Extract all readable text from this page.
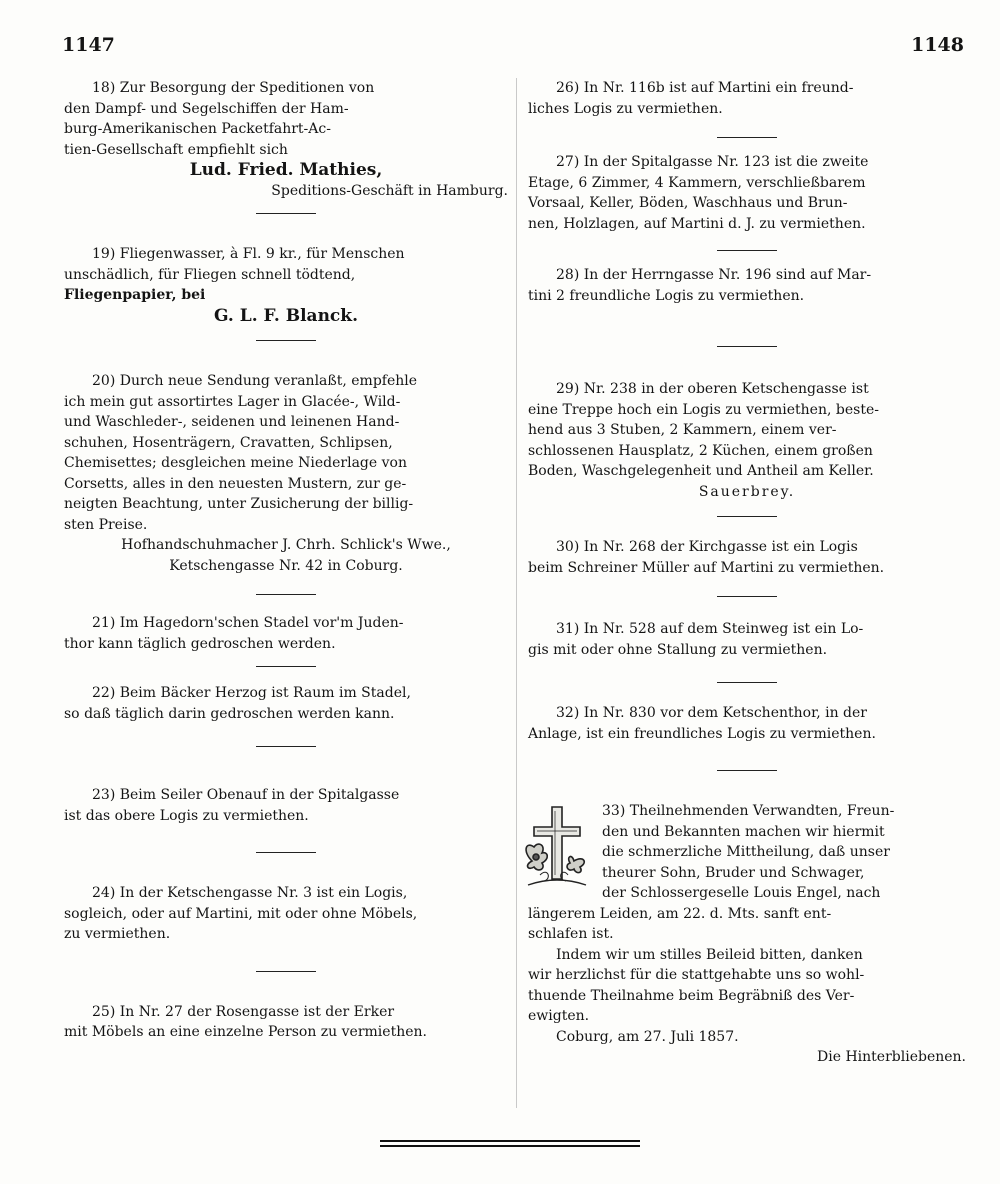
1147	1148

18) Zur Besorgung der Speditionen von

den Dampf- und Segelschiffen der Ham-

burg-Amerikanischen Packetfahrt-Ac-

tien-Gesellschaft empfiehlt sich

Lud. Fried. Mathies,

Speditions-Geschäft in Hamburg.

19) Fliegenwasser, à Fl. 9 kr., für Menschen

unschädlich, für Fliegen schnell tödtend,

Fliegenpapier, bei

G. L. F. Blanck.

20) Durch neue Sendung veranlaßt, empfehle

ich mein gut assortirtes Lager in Glacée-, Wild-

und Waschleder-, seidenen und leinenen Hand-

schuhen, Hosenträgern, Cravatten, Schlipsen,

Chemisettes; desgleichen meine Niederlage von

Corsetts, alles in den neuesten Mustern, zur ge-

neigten Beachtung, unter Zusicherung der billig-

sten Preise.

Hofhandschuhmacher J. Chrh. Schlick's Wwe.,

Ketschengasse Nr. 42 in Coburg.

21) Im Hagedorn'schen Stadel vor'm Juden-

thor kann täglich gedroschen werden.

22) Beim Bäcker Herzog ist Raum im Stadel,

so daß täglich darin gedroschen werden kann.

23) Beim Seiler Obenauf in der Spitalgasse

ist das obere Logis zu vermiethen.

24) In der Ketschengasse Nr. 3 ist ein Logis,

sogleich, oder auf Martini, mit oder ohne Möbels,

zu vermiethen.

25) In Nr. 27 der Rosengasse ist der Erker

mit Möbels an eine einzelne Person zu vermiethen.

26) In Nr. 116b ist auf Martini ein freund-

liches Logis zu vermiethen.

27) In der Spitalgasse Nr. 123 ist die zweite

Etage, 6 Zimmer, 4 Kammern, verschließbarem

Vorsaal, Keller, Böden, Waschhaus und Brun-

nen, Holzlagen, auf Martini d. J. zu vermiethen.

28) In der Herrngasse Nr. 196 sind auf Mar-

tini 2 freundliche Logis zu vermiethen.

29) Nr. 238 in der oberen Ketschengasse ist

eine Treppe hoch ein Logis zu vermiethen, beste-

hend aus 3 Stuben, 2 Kammern, einem ver-

schlossenen Hausplatz, 2 Küchen, einem großen

Boden, Waschgelegenheit und Antheil am Keller.

Sauerbrey.

30) In Nr. 268 der Kirchgasse ist ein Logis

beim Schreiner Müller auf Martini zu vermiethen.

31) In Nr. 528 auf dem Steinweg ist ein Lo-

gis mit oder ohne Stallung zu vermiethen.

32) In Nr. 830 vor dem Ketschenthor, in der

Anlage, ist ein freundliches Logis zu vermiethen.

33) Theilnehmenden Verwandten, Freun-

den und Bekannten machen wir hiermit

die schmerzliche Mittheilung, daß unser

theurer Sohn, Bruder und Schwager,

der Schlossergeselle Louis Engel, nach

längerem Leiden, am 22. d. Mts. sanft ent-

schlafen ist.

Indem wir um stilles Beileid bitten, danken

wir herzlichst für die stattgehabte uns so wohl-

thuende Theilnahme beim Begräbniß des Ver-

ewigten.

Coburg, am 27. Juli 1857.

Die Hinterbliebenen.
